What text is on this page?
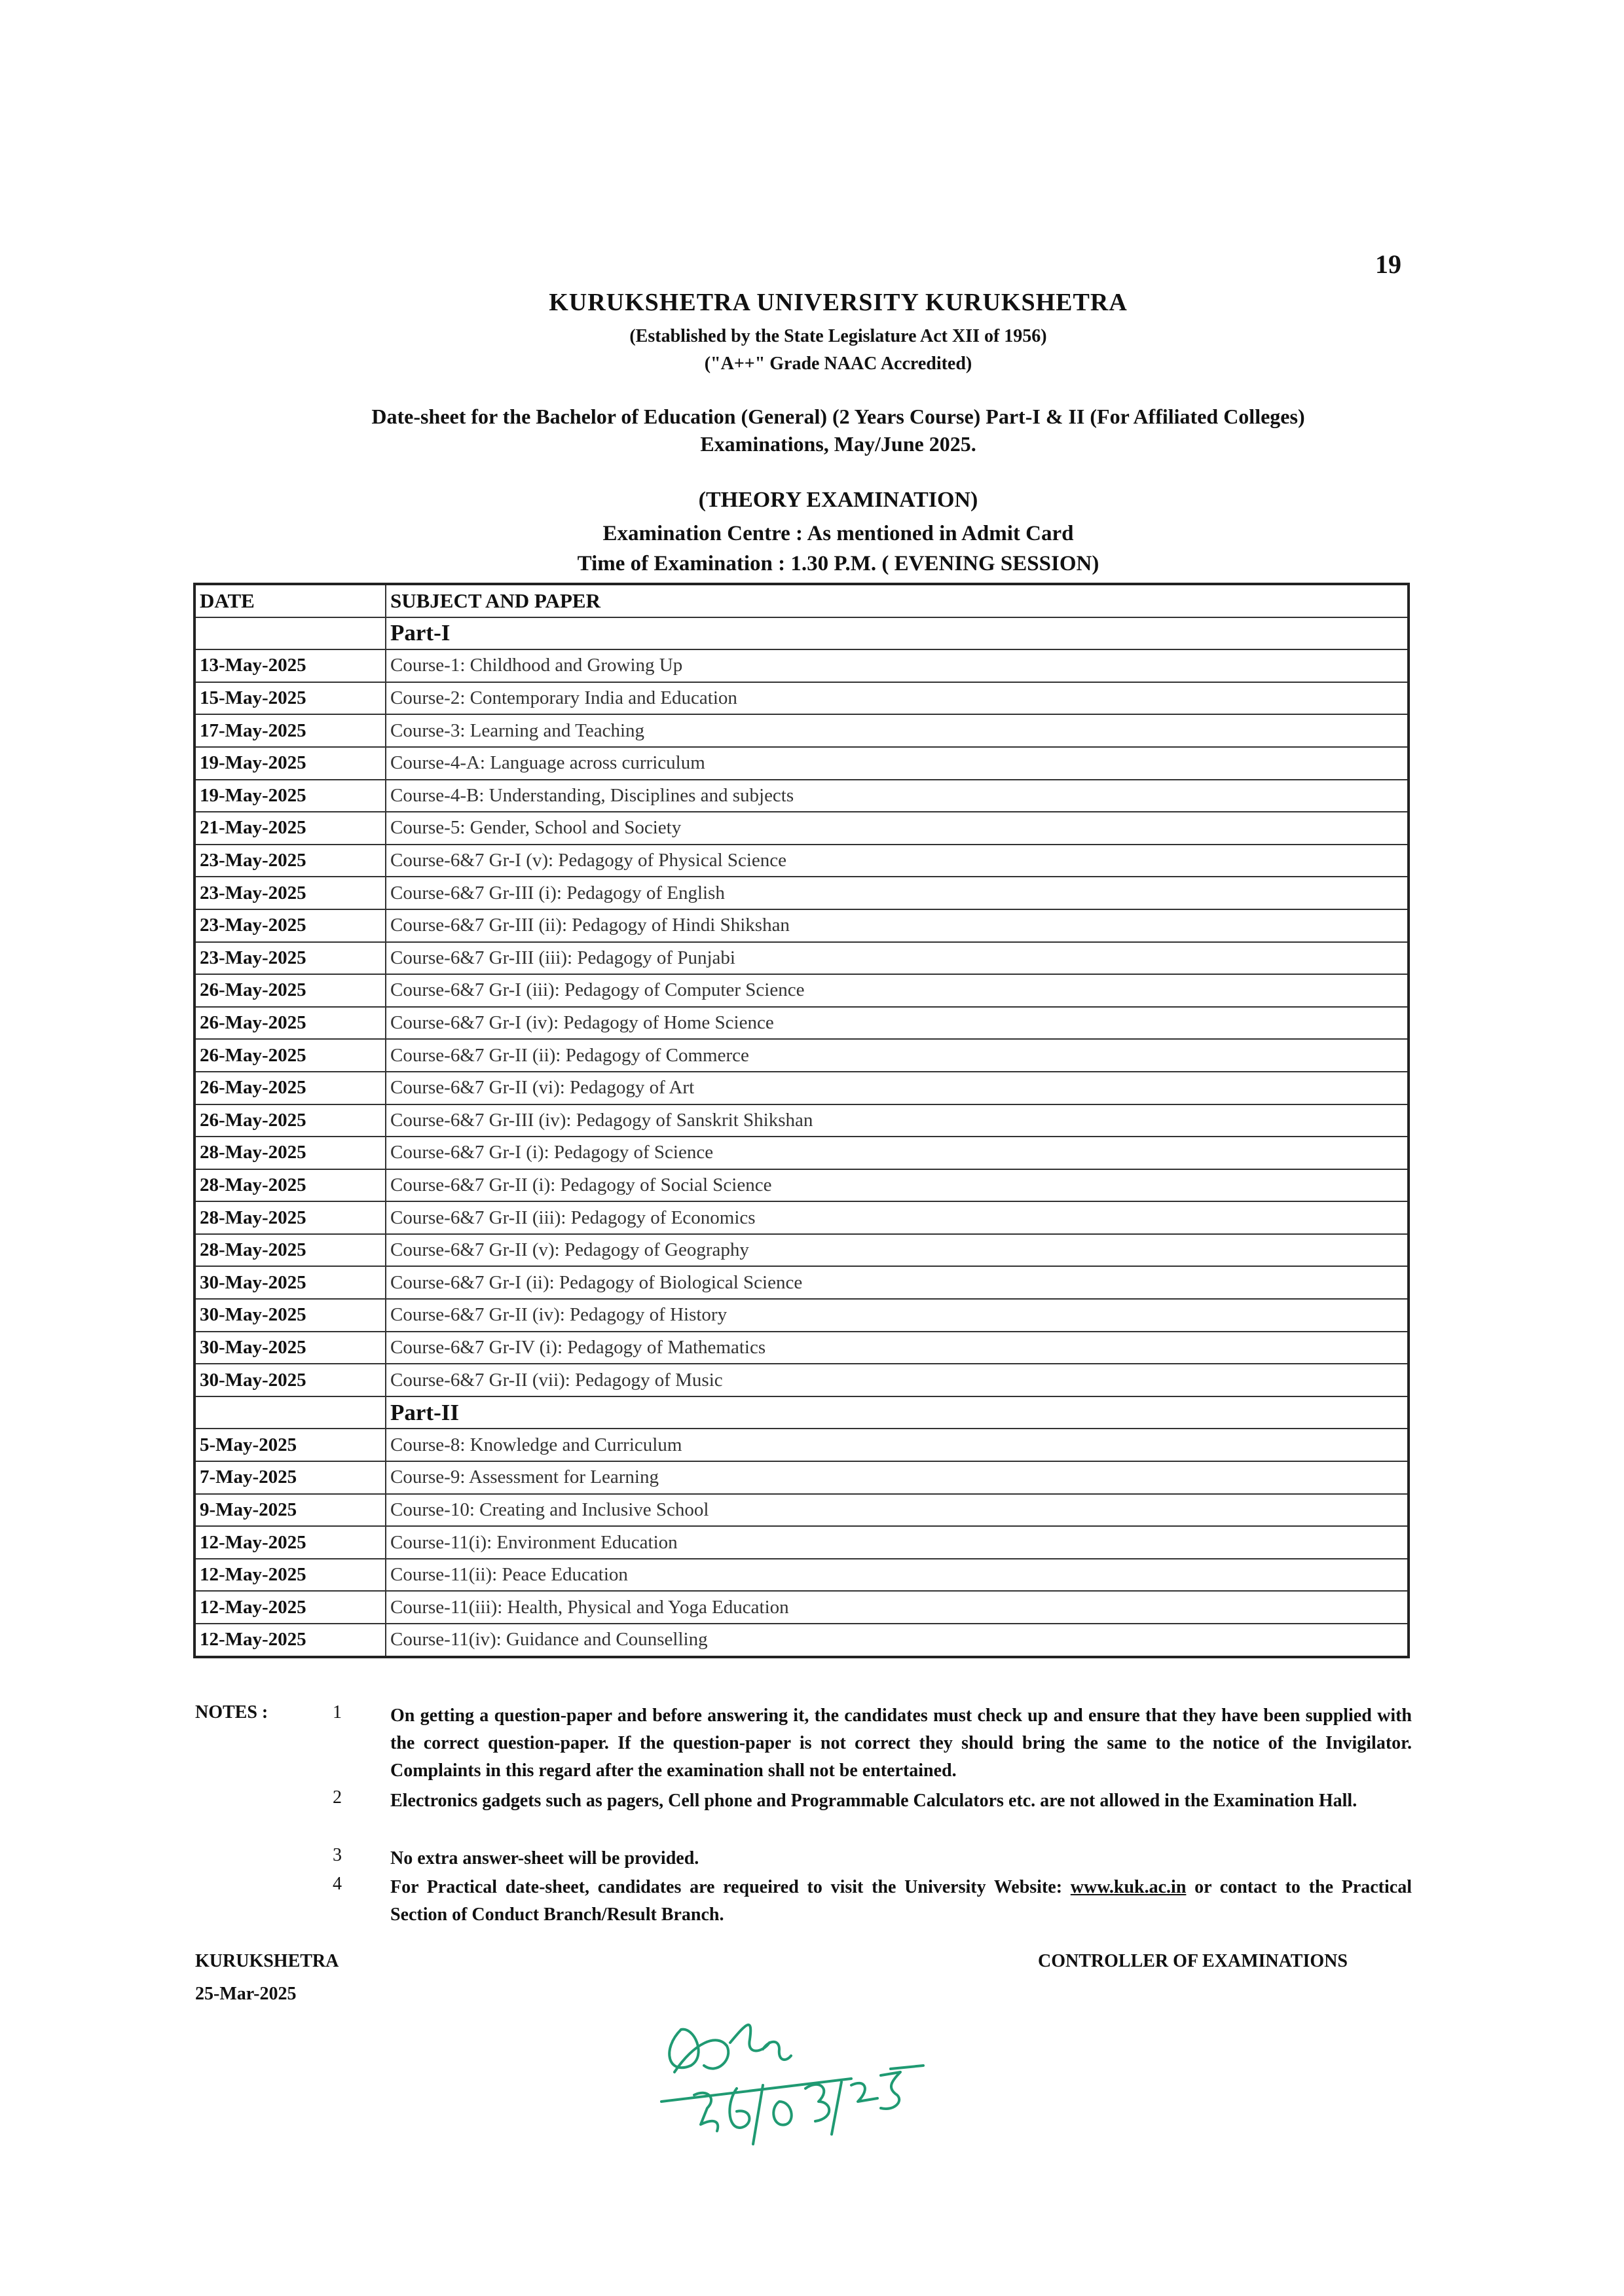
19
KURUKSHETRA UNIVERSITY KURUKSHETRA
(Established by the State Legislature Act XII of 1956)
("A++" Grade NAAC Accredited)
Date-sheet for the Bachelor of Education (General) (2 Years Course) Part-I & II (For Affiliated Colleges)
Examinations, May/June 2025.
(THEORY EXAMINATION)
Examination Centre : As mentioned in Admit Card
Time of Examination : 1.30 P.M. ( EVENING SESSION)
DATE	SUBJECT AND PAPER
	Part-I
13-May-2025	Course-1: Childhood and Growing Up
15-May-2025	Course-2: Contemporary India and Education
17-May-2025	Course-3: Learning and Teaching
19-May-2025	Course-4-A: Language across curriculum
19-May-2025	Course-4-B: Understanding, Disciplines and subjects
21-May-2025	Course-5: Gender, School and Society
23-May-2025	Course-6&7 Gr-I (v): Pedagogy of Physical Science
23-May-2025	Course-6&7 Gr-III (i): Pedagogy of English
23-May-2025	Course-6&7 Gr-III (ii): Pedagogy of Hindi Shikshan
23-May-2025	Course-6&7 Gr-III (iii): Pedagogy of Punjabi
26-May-2025	Course-6&7 Gr-I (iii): Pedagogy of Computer Science
26-May-2025	Course-6&7 Gr-I (iv): Pedagogy of Home Science
26-May-2025	Course-6&7 Gr-II (ii): Pedagogy of Commerce
26-May-2025	Course-6&7 Gr-II (vi): Pedagogy of Art
26-May-2025	Course-6&7 Gr-III (iv): Pedagogy of Sanskrit Shikshan
28-May-2025	Course-6&7 Gr-I (i): Pedagogy of Science
28-May-2025	Course-6&7 Gr-II (i): Pedagogy of Social Science
28-May-2025	Course-6&7 Gr-II (iii): Pedagogy of Economics
28-May-2025	Course-6&7 Gr-II (v): Pedagogy of Geography
30-May-2025	Course-6&7 Gr-I (ii): Pedagogy of Biological Science
30-May-2025	Course-6&7 Gr-II (iv): Pedagogy of History
30-May-2025	Course-6&7 Gr-IV (i): Pedagogy of Mathematics
30-May-2025	Course-6&7 Gr-II (vii): Pedagogy of Music
	Part-II
5-May-2025	Course-8: Knowledge and Curriculum
7-May-2025	Course-9: Assessment for Learning
9-May-2025	Course-10: Creating and Inclusive School
12-May-2025	Course-11(i): Environment Education
12-May-2025	Course-11(ii): Peace Education
12-May-2025	Course-11(iii): Health, Physical and Yoga Education
12-May-2025	Course-11(iv): Guidance and Counselling
NOTES :	1	On getting a question-paper and before answering it, the candidates must check up and ensure that they have been supplied with the correct question-paper. If the question-paper is not correct they should bring the same to the notice of the Invigilator. Complaints in this regard after the examination shall not be entertained.
2	Electronics gadgets such as pagers, Cell phone and Programmable Calculators etc. are not allowed in the Examination Hall.
3	No extra answer-sheet will be provided.
4	For Practical date-sheet, candidates are requeired to visit the University Website: www.kuk.ac.in or contact to the Practical Section of Conduct Branch/Result Branch.
KURUKSHETRA
25-Mar-2025
CONTROLLER OF EXAMINATIONS
